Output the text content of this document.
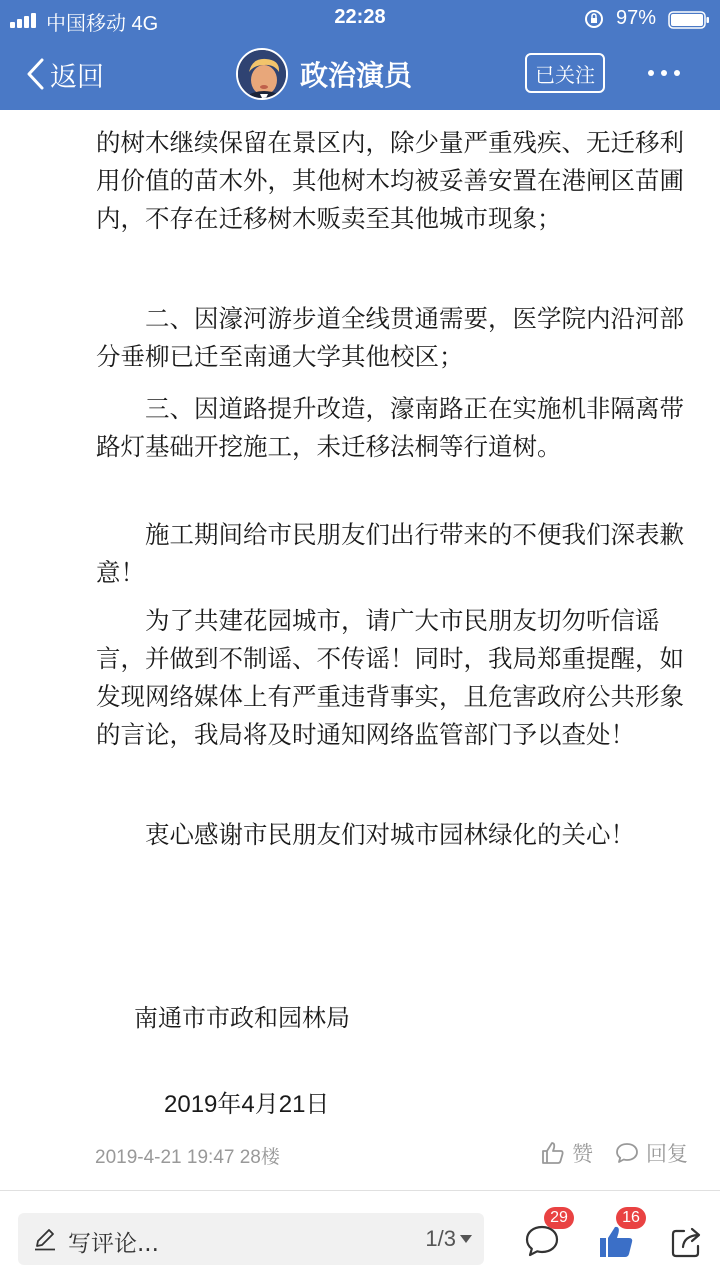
中国移动 4G	22:28	97%
返回	政治演员	已关注
的树木继续保留在景区内，除少量严重残疾、无迁移利用价值的苗木外，其他树木均被妥善安置在港闸区苗圃内，不存在迁移树木贩卖至其他城市现象；
二、因濠河游步道全线贯通需要，医学院内沿河部分垂柳已迁至南通大学其他校区；
三、因道路提升改造，濠南路正在实施机非隔离带路灯基础开挖施工，未迁移法桐等行道树。
施工期间给市民朋友们出行带来的不便我们深表歉意！
为了共建花园城市，请广大市民朋友切勿听信谣言，并做到不制谣、不传谣！同时，我局郑重提醒，如发现网络媒体上有严重违背事实，且危害政府公共形象的言论，我局将及时通知网络监管部门予以查处！
衷心感谢市民朋友们对城市园林绿化的关心！
南通市市政和园林局
2019年4月21日
2019-4-21 19:47 28楼	赞	回复
写评论...	1/3
29	16
